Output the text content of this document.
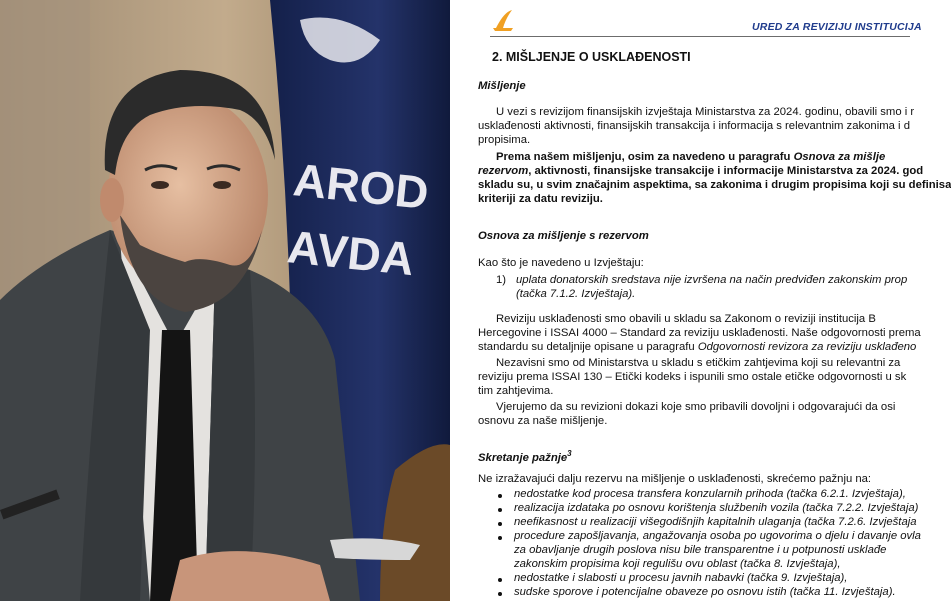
AROD
AVDA
URED ZA REVIZIJU INSTITUCIJA
2. MIŠLJENJE O USKLAĐENOSTI
Mišljenje
U vezi s revizijom finansijskih izvještaja Ministarstva za 2024. godinu, obavili smo i r
usklađenosti aktivnosti, finansijskih transakcija i informacija s relevantnim zakonima i d
propisima.
Prema našem mišljenju, osim za navedeno u paragrafu Osnova za mišlje
rezervom, aktivnosti, finansijske transakcije i informacije Ministarstva za 2024. god
skladu su, u svim značajnim aspektima, sa zakonima i drugim propisima koji su definisa
kriteriji za datu reviziju.
Osnova za mišljenje s rezervom
Kao što je navedeno u Izvještaju:
1) uplata donatorskih sredstava nije izvršena na način predviđen zakonskim prop
(tačka 7.1.2. Izvještaja).
Reviziju usklađenosti smo obavili u skladu sa Zakonom o reviziji institucija B
Hercegovine i ISSAI 4000 – Standard za reviziju usklađenosti. Naše odgovornosti prema
standardu su detaljnije opisane u paragrafu Odgovornosti revizora za reviziju usklađeno
Nezavisni smo od Ministarstva u skladu s etičkim zahtjevima koji su relevantni za
reviziju prema ISSAI 130 – Etički kodeks i ispunili smo ostale etičke odgovornosti u sk
tim zahtjevima.
Vjerujemo da su revizioni dokazi koje smo pribavili dovoljni i odgovarajući da osi
osnovu za naše mišljenje.
Skretanje pažnje$^3$
Ne izražavajući dalju rezervu na mišljenje o usklađenosti, skrećemo pažnju na:
nedostatke kod procesa transfera konzularnih prihoda (tačka 6.2.1. Izvještaja),
realizacija izdataka po osnovu korištenja službenih vozila (tačka 7.2.2. Izvještaja)
neefikasnost u realizaciji višegodišnjih kapitalnih ulaganja (tačka 7.2.6. Izvještaja
procedure zapošljavanja, angažovanja osoba po ugovorima o djelu i davanje ovla
za obavljanje drugih poslova nisu bile transparentne i u potpunosti usklađe
zakonskim propisima koji regulišu ovu oblast (tačka 8. Izvještaja),
nedostatke i slabosti u procesu javnih nabavki (tačka 9. Izvještaja),
sudske sporove i potencijalne obaveze po osnovu istih (tačka 11. Izvještaja).
